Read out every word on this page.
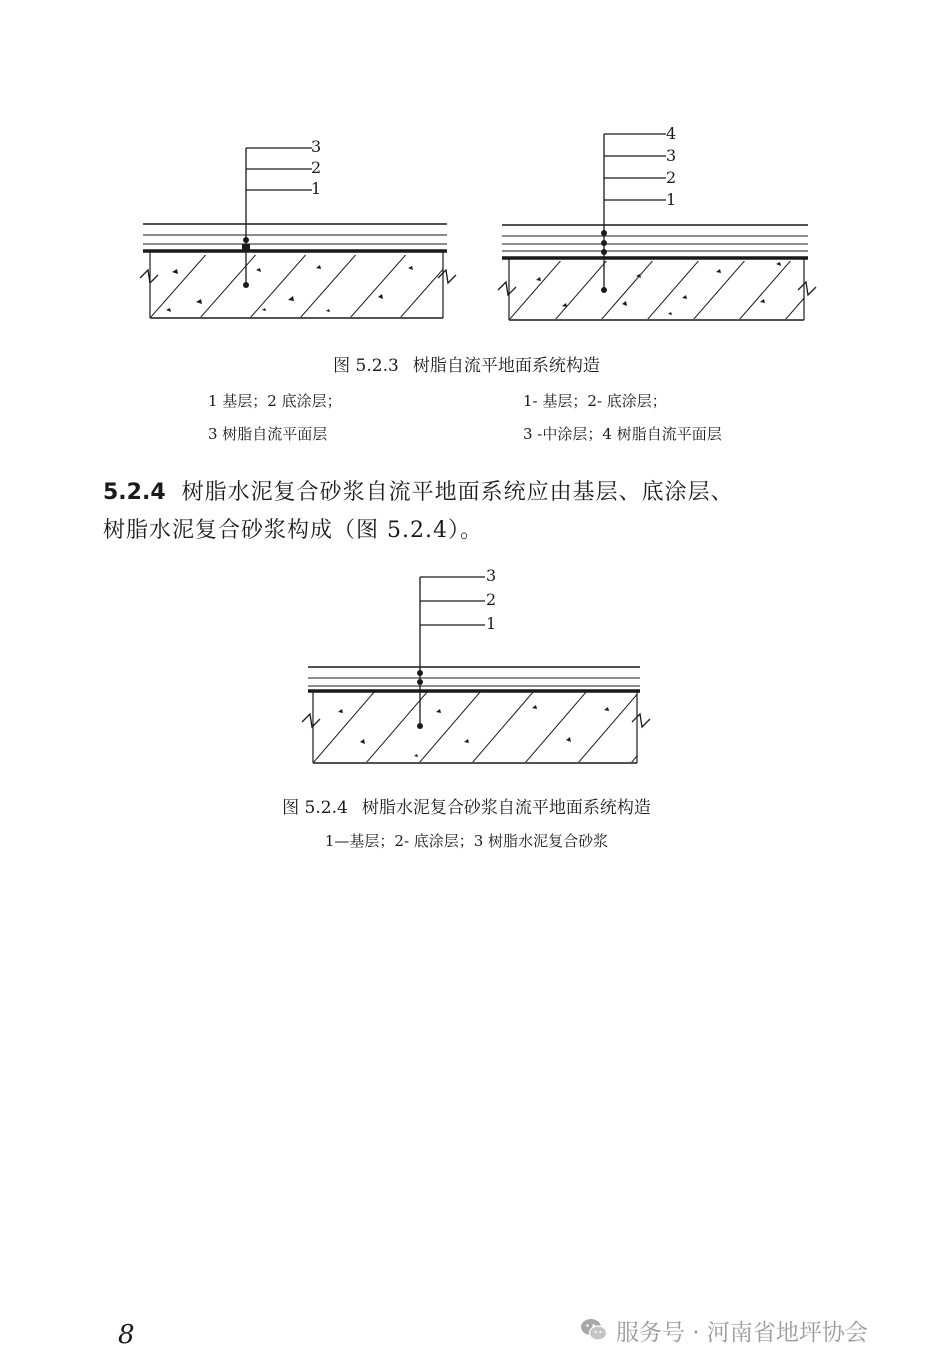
3
2
1
4
3
2
1
3
2
1
图 5.2.3 树脂自流平地面系统构造
1 基层；2 底涂层；
3 树脂自流平面层
1- 基层；2- 底涂层；
3 -中涂层；4 树脂自流平面层
5.2.4 树脂水泥复合砂浆自流平地面系统应由基层、底涂层、
树脂水泥复合砂浆构成（图 5.2.4）。
图 5.2.4 树脂水泥复合砂浆自流平地面系统构造
1—基层；2- 底涂层；3 树脂水泥复合砂浆
8	服务号 · 河南省地坪协会
